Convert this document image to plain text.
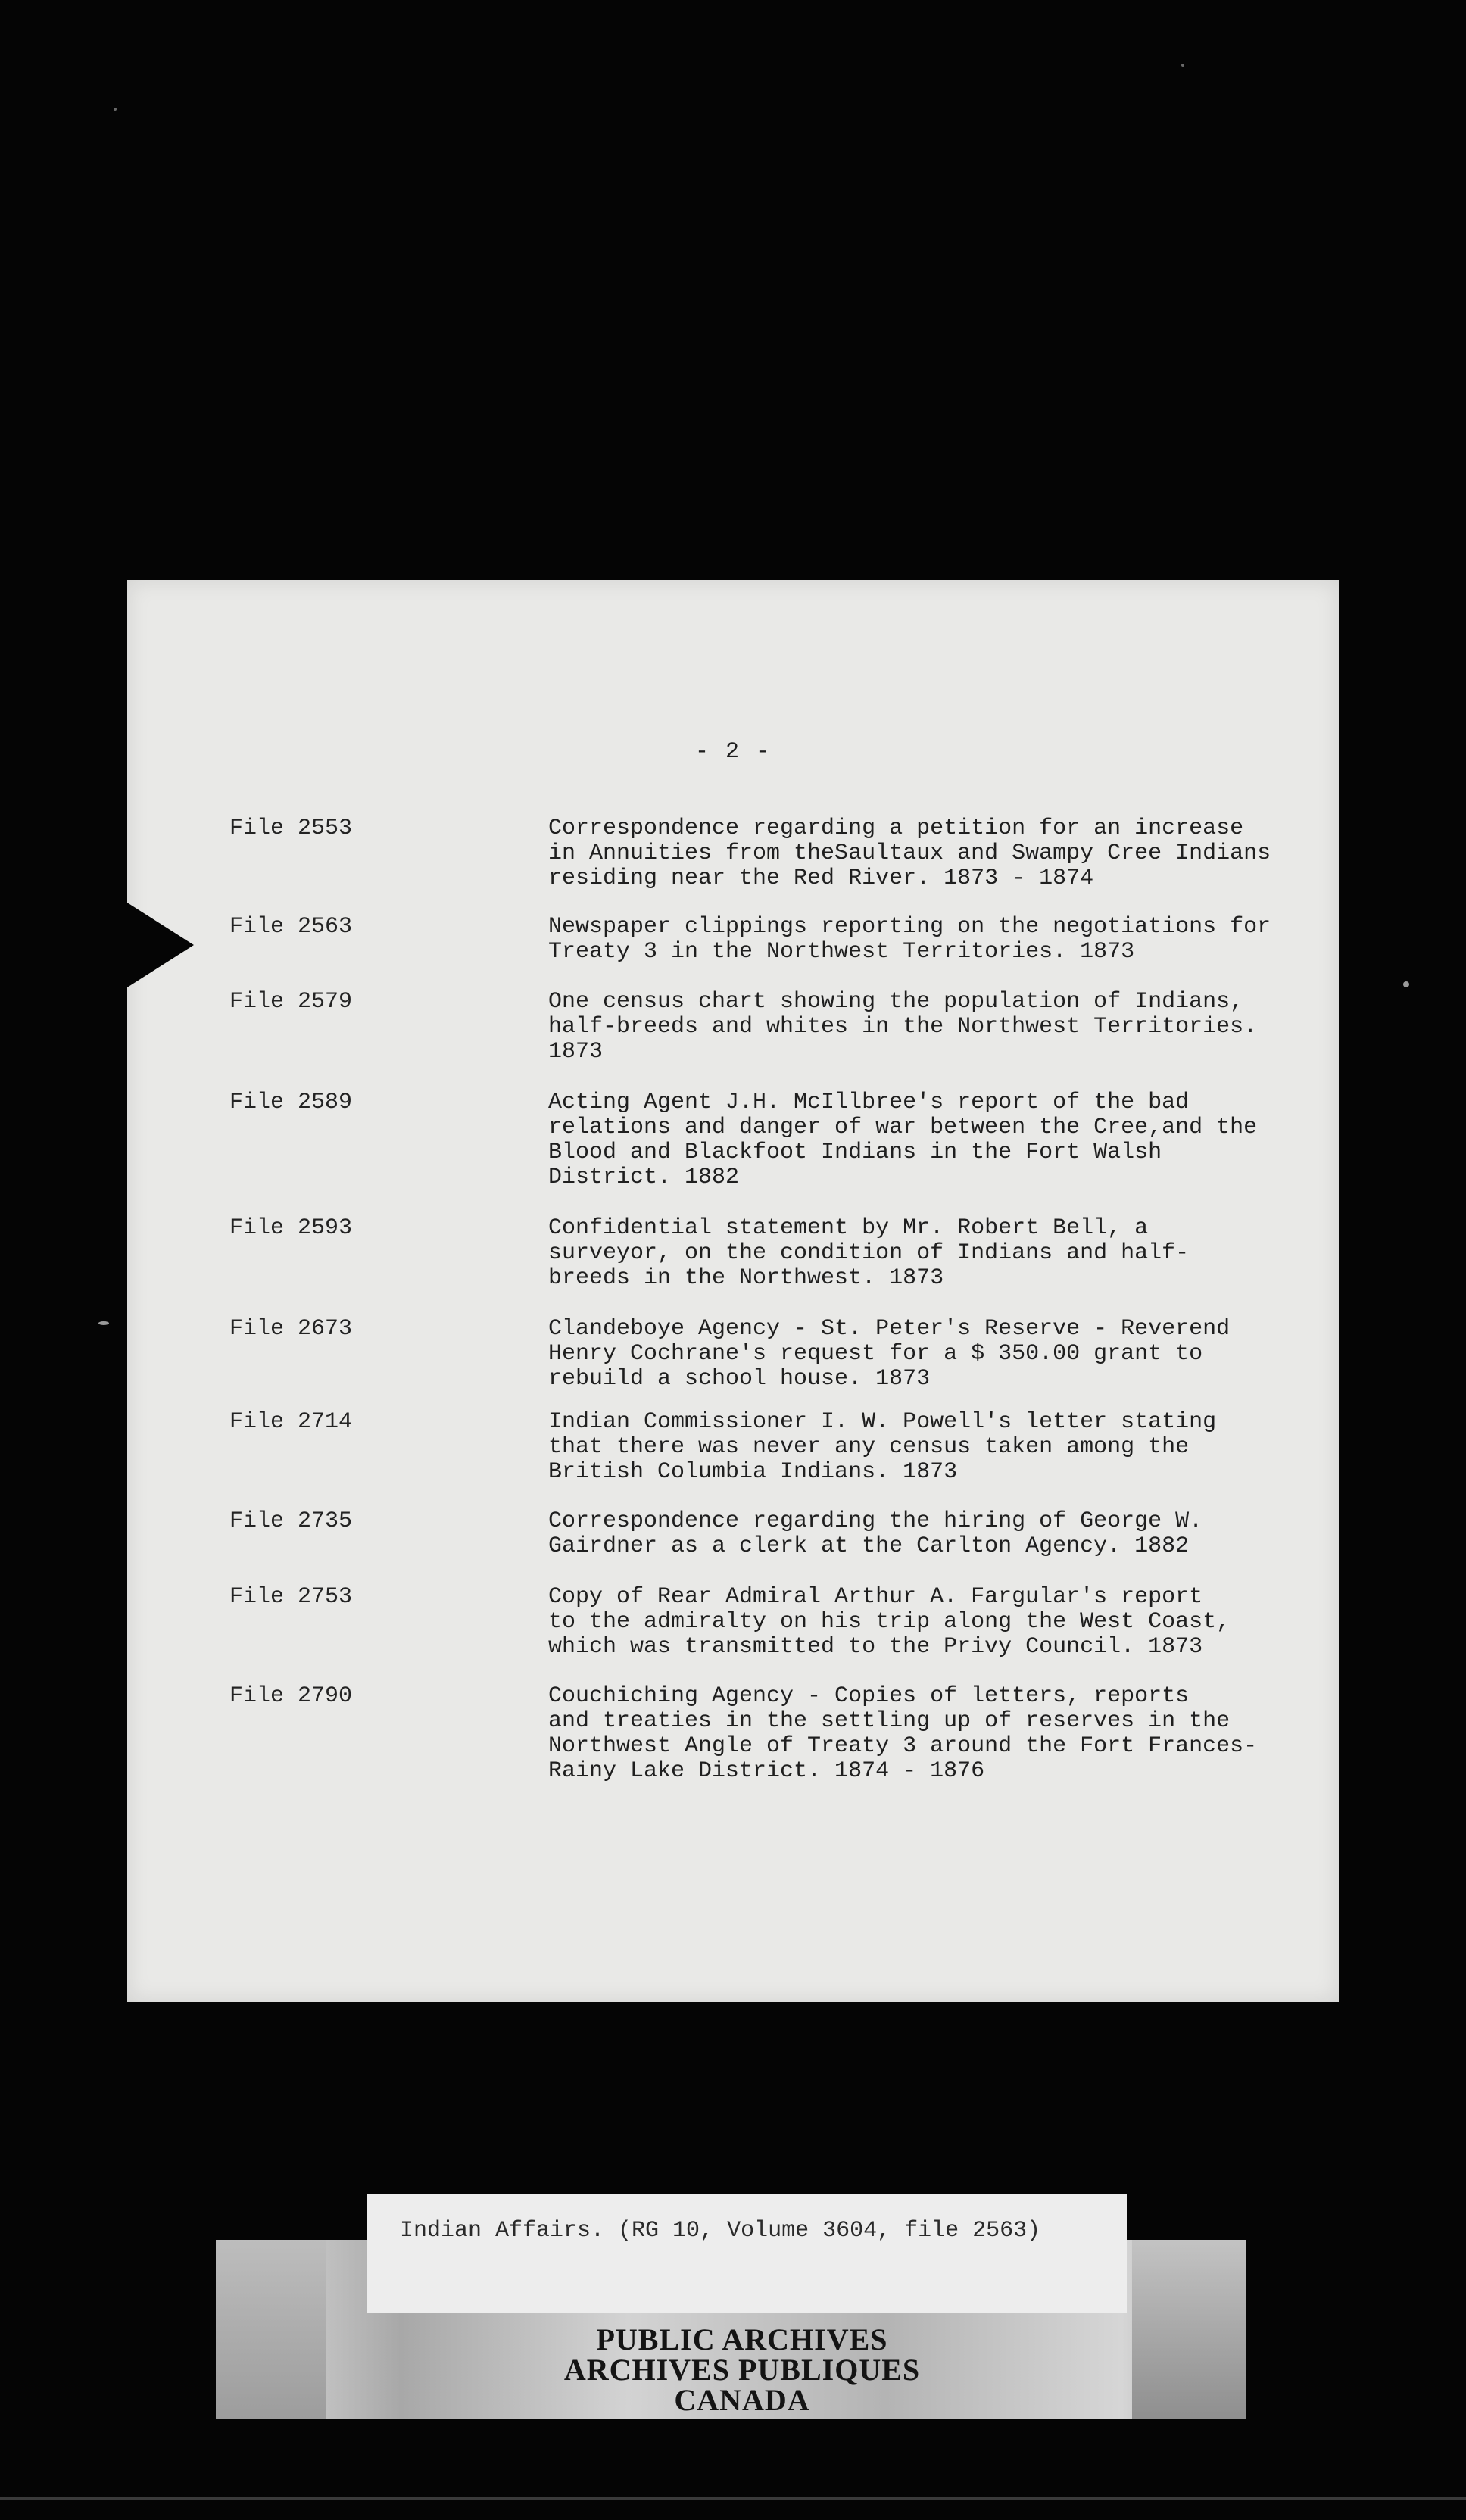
- 2 -
File 2553	Correspondence regarding a petition for an increase
in Annuities from theSaultaux and Swampy Cree Indians
residing near the Red River. 1873 - 1874
File 2563	Newspaper clippings reporting on the negotiations for
Treaty 3 in the Northwest Territories. 1873
File 2579	One census chart showing the population of Indians,
half-breeds and whites in the Northwest Territories.
1873
File 2589	Acting Agent J.H. McIllbree's report of the bad
relations and danger of war between the Cree,and the
Blood and Blackfoot Indians in the Fort Walsh
District. 1882
File 2593	Confidential statement by Mr. Robert Bell, a
surveyor, on the condition of Indians and half-
breeds in the Northwest. 1873
File 2673	Clandeboye Agency - St. Peter's Reserve - Reverend
Henry Cochrane's request for a $ 350.00 grant to
rebuild a school house. 1873
File 2714	Indian Commissioner I. W. Powell's letter stating
that there was never any census taken among the
British Columbia Indians. 1873
File 2735	Correspondence regarding the hiring of George W.
Gairdner as a clerk at the Carlton Agency. 1882
File 2753	Copy of Rear Admiral Arthur A. Fargular's report
to the admiralty on his trip along the West Coast,
which was transmitted to the Privy Council. 1873
File 2790	Couchiching Agency - Copies of letters, reports
and treaties in the settling up of reserves in the
Northwest Angle of Treaty 3 around the Fort Frances-
Rainy Lake District. 1874 - 1876
Indian Affairs. (RG 10, Volume 3604, file 2563)
PUBLIC ARCHIVES
ARCHIVES PUBLIQUES
CANADA
